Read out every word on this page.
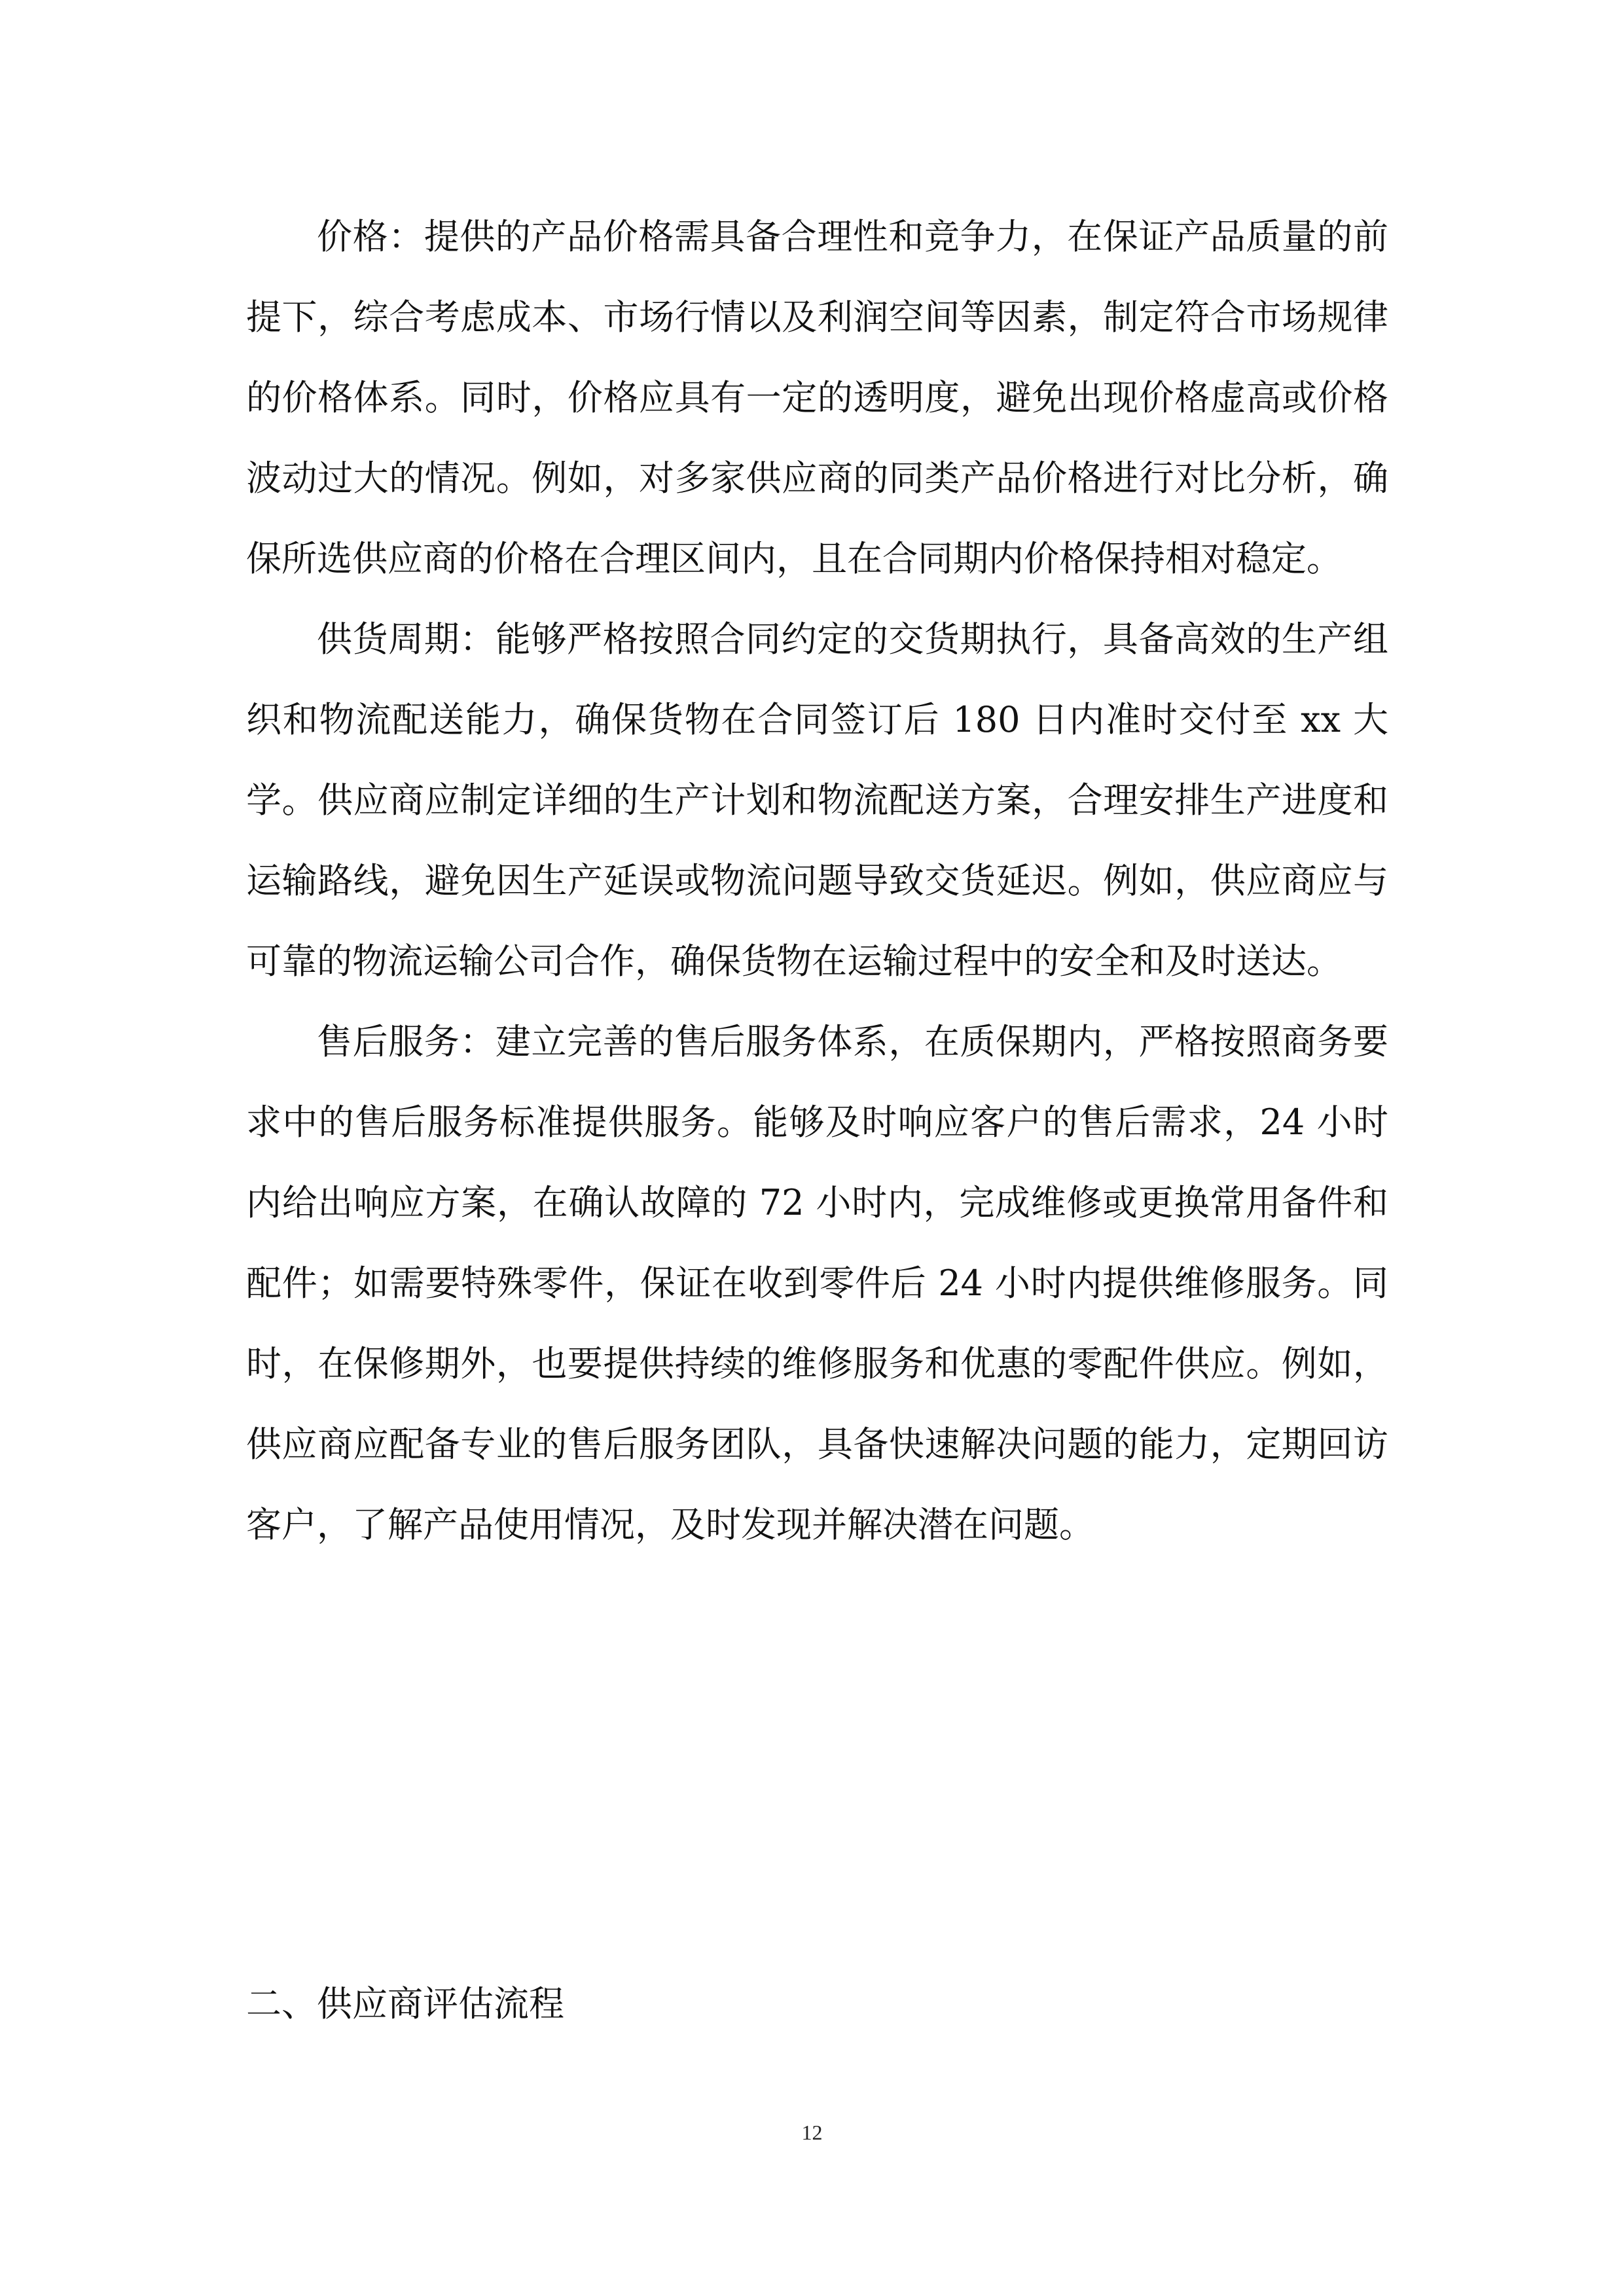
价格：提供的产品价格需具备合理性和竞争力，在保证产品质量的前提下，综合考虑成本、市场行情以及利润空间等因素，制定符合市场规律的价格体系。同时，价格应具有一定的透明度，避免出现价格虚高或价格波动过大的情况。例如，对多家供应商的同类产品价格进行对比分析，确保所选供应商的价格在合理区间内，且在合同期内价格保持相对稳定。

供货周期：能够严格按照合同约定的交货期执行，具备高效的生产组织和物流配送能力，确保货物在合同签订后 180 日内准时交付至 xx 大学。供应商应制定详细的生产计划和物流配送方案，合理安排生产进度和运输路线，避免因生产延误或物流问题导致交货延迟。例如，供应商应与可靠的物流运输公司合作，确保货物在运输过程中的安全和及时送达。

售后服务：建立完善的售后服务体系，在质保期内，严格按照商务要求中的售后服务标准提供服务。能够及时响应客户的售后需求，24 小时内给出响应方案，在确认故障的 72 小时内，完成维修或更换常用备件和配件；如需要特殊零件，保证在收到零件后 24 小时内提供维修服务。同时，在保修期外，也要提供持续的维修服务和优惠的零配件供应。例如，供应商应配备专业的售后服务团队，具备快速解决问题的能力，定期回访客户，了解产品使用情况，及时发现并解决潜在问题。

二、供应商评估流程

12
